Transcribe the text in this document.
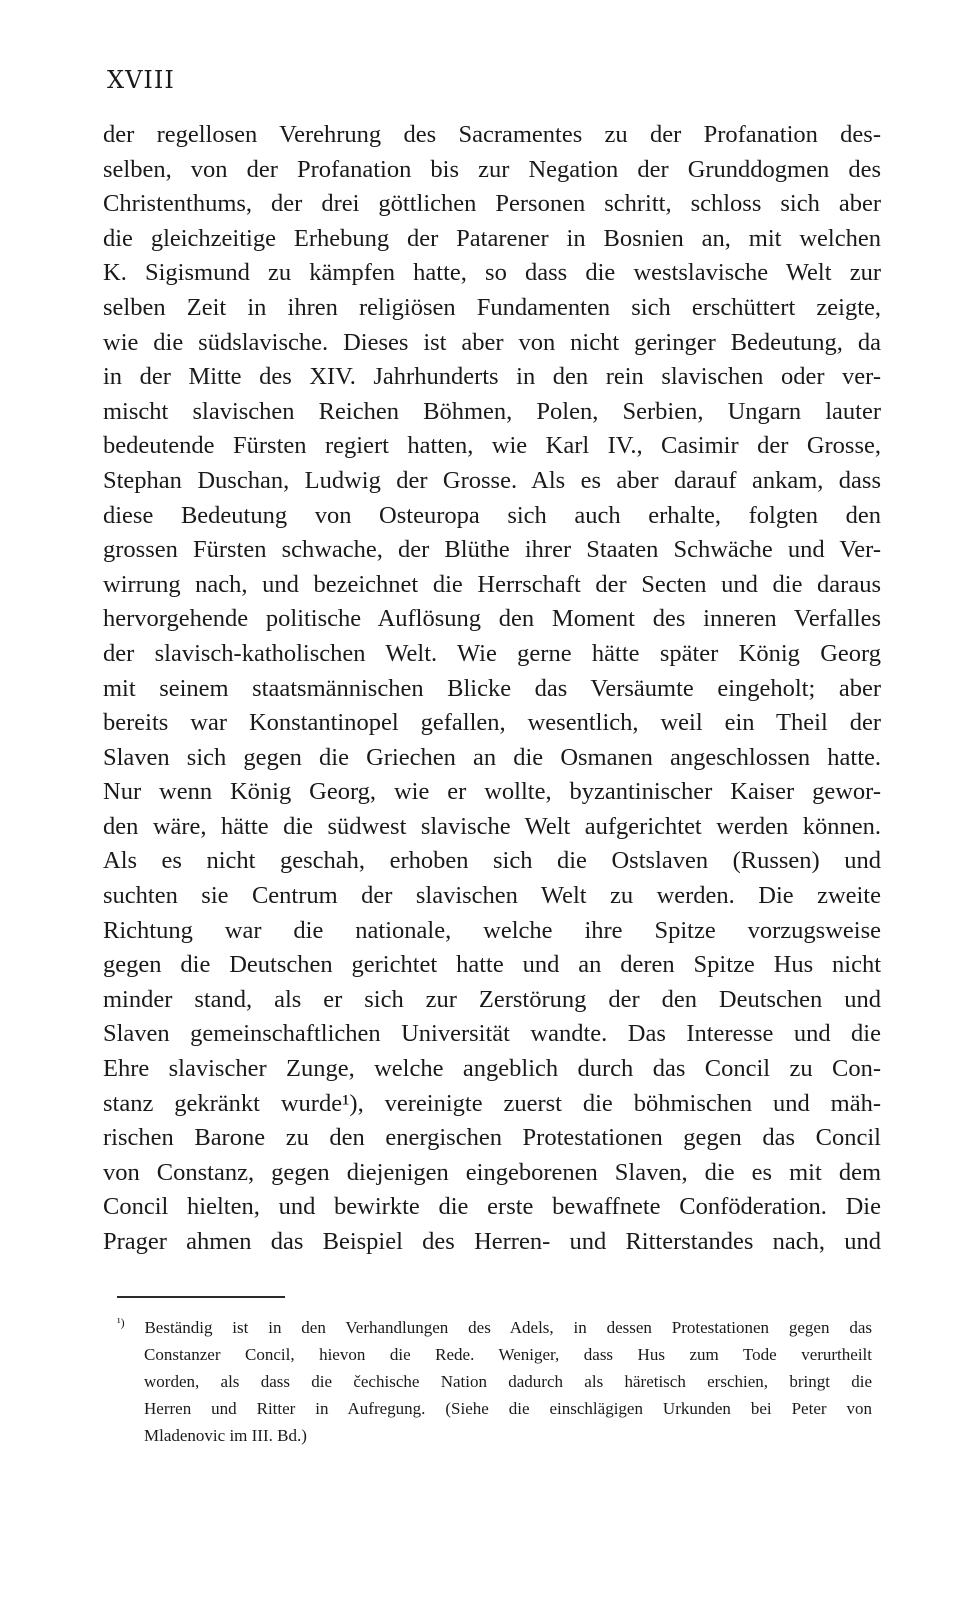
XVIII
der regellosen Verehrung des Sacramentes zu der Profanation des-
selben, von der Profanation bis zur Negation der Grunddogmen des
Christenthums, der drei göttlichen Personen schritt, schloss sich aber
die gleichzeitige Erhebung der Patarener in Bosnien an, mit welchen
K. Sigismund zu kämpfen hatte, so dass die westslavische Welt zur
selben Zeit in ihren religiösen Fundamenten sich erschüttert zeigte,
wie die südslavische. Dieses ist aber von nicht geringer Bedeutung, da
in der Mitte des XIV. Jahrhunderts in den rein slavischen oder ver-
mischt slavischen Reichen Böhmen, Polen, Serbien, Ungarn lauter
bedeutende Fürsten regiert hatten, wie Karl IV., Casimir der Grosse,
Stephan Duschan, Ludwig der Grosse. Als es aber darauf ankam, dass
diese Bedeutung von Osteuropa sich auch erhalte, folgten den
grossen Fürsten schwache, der Blüthe ihrer Staaten Schwäche und Ver-
wirrung nach, und bezeichnet die Herrschaft der Secten und die daraus
hervorgehende politische Auflösung den Moment des inneren Verfalles
der slavisch-katholischen Welt. Wie gerne hätte später König Georg
mit seinem staatsmännischen Blicke das Versäumte eingeholt; aber
bereits war Konstantinopel gefallen, wesentlich, weil ein Theil der
Slaven sich gegen die Griechen an die Osmanen angeschlossen hatte.
Nur wenn König Georg, wie er wollte, byzantinischer Kaiser gewor-
den wäre, hätte die südwest slavische Welt aufgerichtet werden können.
Als es nicht geschah, erhoben sich die Ostslaven (Russen) und
suchten sie Centrum der slavischen Welt zu werden. Die zweite
Richtung war die nationale, welche ihre Spitze vorzugsweise
gegen die Deutschen gerichtet hatte und an deren Spitze Hus nicht
minder stand, als er sich zur Zerstörung der den Deutschen und
Slaven gemeinschaftlichen Universität wandte. Das Interesse und die
Ehre slavischer Zunge, welche angeblich durch das Concil zu Con-
stanz gekränkt wurde¹), vereinigte zuerst die böhmischen und mäh-
rischen Barone zu den energischen Protestationen gegen das Concil
von Constanz, gegen diejenigen eingeborenen Slaven, die es mit dem
Concil hielten, und bewirkte die erste bewaffnete Conföderation. Die
Prager ahmen das Beispiel des Herren- und Ritterstandes nach, und
$^{^1)}$ Beständig ist in den Verhandlungen des Adels, in dessen Protestationen gegen das
Constanzer Concil, hievon die Rede. Weniger, dass Hus zum Tode verurtheilt
worden, als dass die čechische Nation dadurch als häretisch erschien, bringt die
Herren und Ritter in Aufregung. (Siehe die einschlägigen Urkunden bei Peter von
Mladenovic im III. Bd.)
